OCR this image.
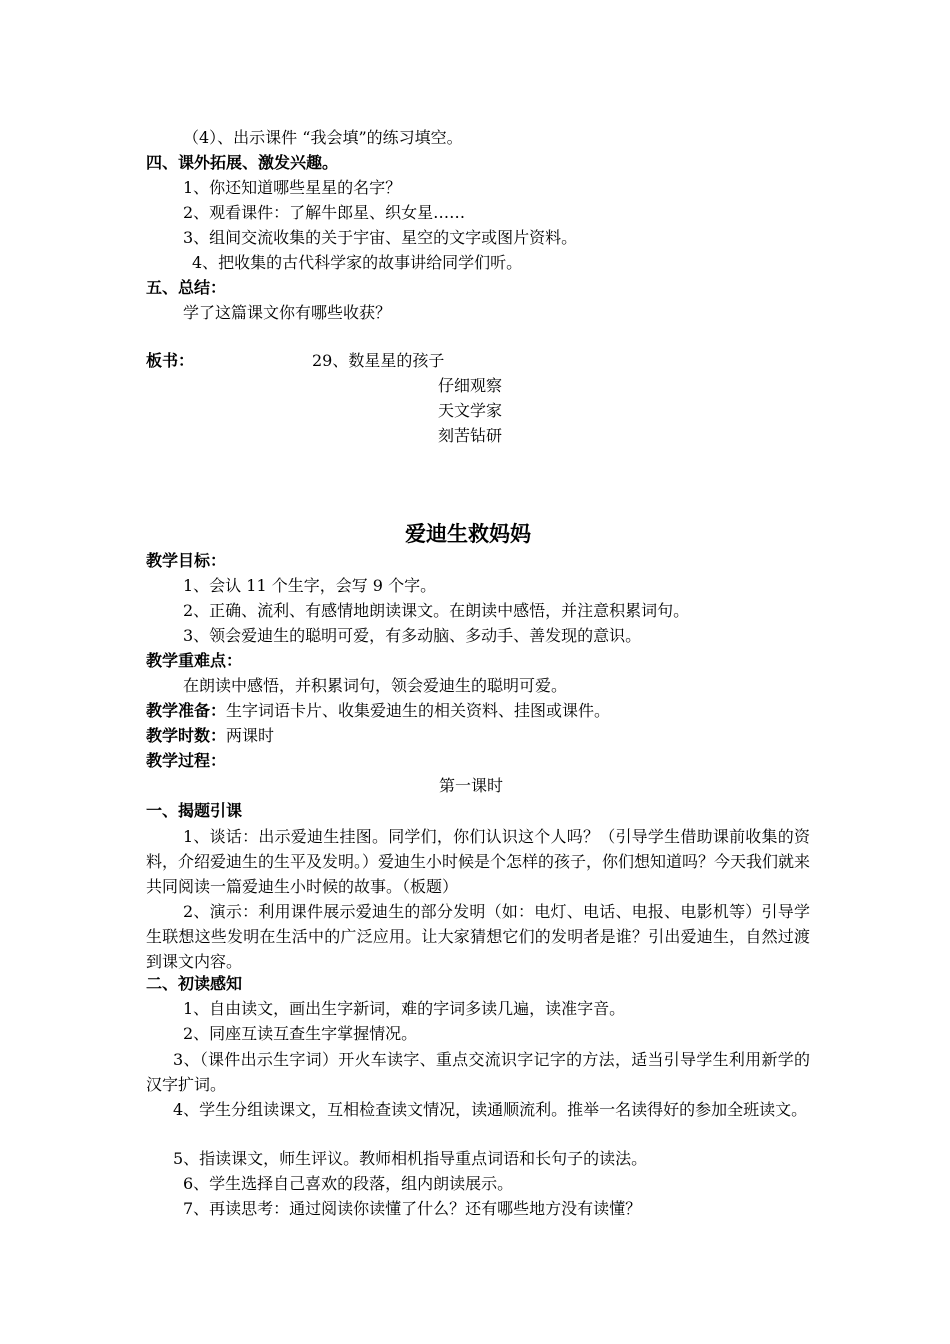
（4）、出示课件 “我会填”的练习填空。
四、课外拓展、激发兴趣。
1、你还知道哪些星星的名字？
2、观看课件：了解牛郎星、织女星……
3、组间交流收集的关于宇宙、星空的文字或图片资料。
4、把收集的古代科学家的故事讲给同学们听。
五、总结：
学了这篇课文你有哪些收获？
板书：	29、数星星的孩子
仔细观察
天文学家
刻苦钻研
爱迪生救妈妈
教学目标：
1、会认 11 个生字，会写 9 个字。
2、正确、流利、有感情地朗读课文。在朗读中感悟，并注意积累词句。
3、领会爱迪生的聪明可爱，有多动脑、多动手、善发现的意识。
教学重难点：
在朗读中感悟，并积累词句，领会爱迪生的聪明可爱。
教学准备：生字词语卡片、收集爱迪生的相关资料、挂图或课件。
教学时数：两课时
教学过程：
第一课时
一、揭题引课
1、谈话：出示爱迪生挂图。同学们，你们认识这个人吗？（引导学生借助课前收集的资料，介绍爱迪生的生平及发明。）爱迪生小时候是个怎样的孩子，你们想知道吗？今天我们就来共同阅读一篇爱迪生小时候的故事。（板题）
2、演示：利用课件展示爱迪生的部分发明（如：电灯、电话、电报、电影机等）引导学生联想这些发明在生活中的广泛应用。让大家猜想它们的发明者是谁？引出爱迪生，自然过渡到课文内容。
二、初读感知
1、自由读文，画出生字新词，难的字词多读几遍，读准字音。
2、同座互读互查生字掌握情况。
3、（课件出示生字词）开火车读字、重点交流识字记字的方法，适当引导学生利用新学的汉字扩词。
4、学生分组读课文，互相检查读文情况，读通顺流利。推举一名读得好的参加全班读文。
5、指读课文，师生评议。教师相机指导重点词语和长句子的读法。
6、学生选择自己喜欢的段落，组内朗读展示。
7、再读思考：通过阅读你读懂了什么？还有哪些地方没有读懂？
